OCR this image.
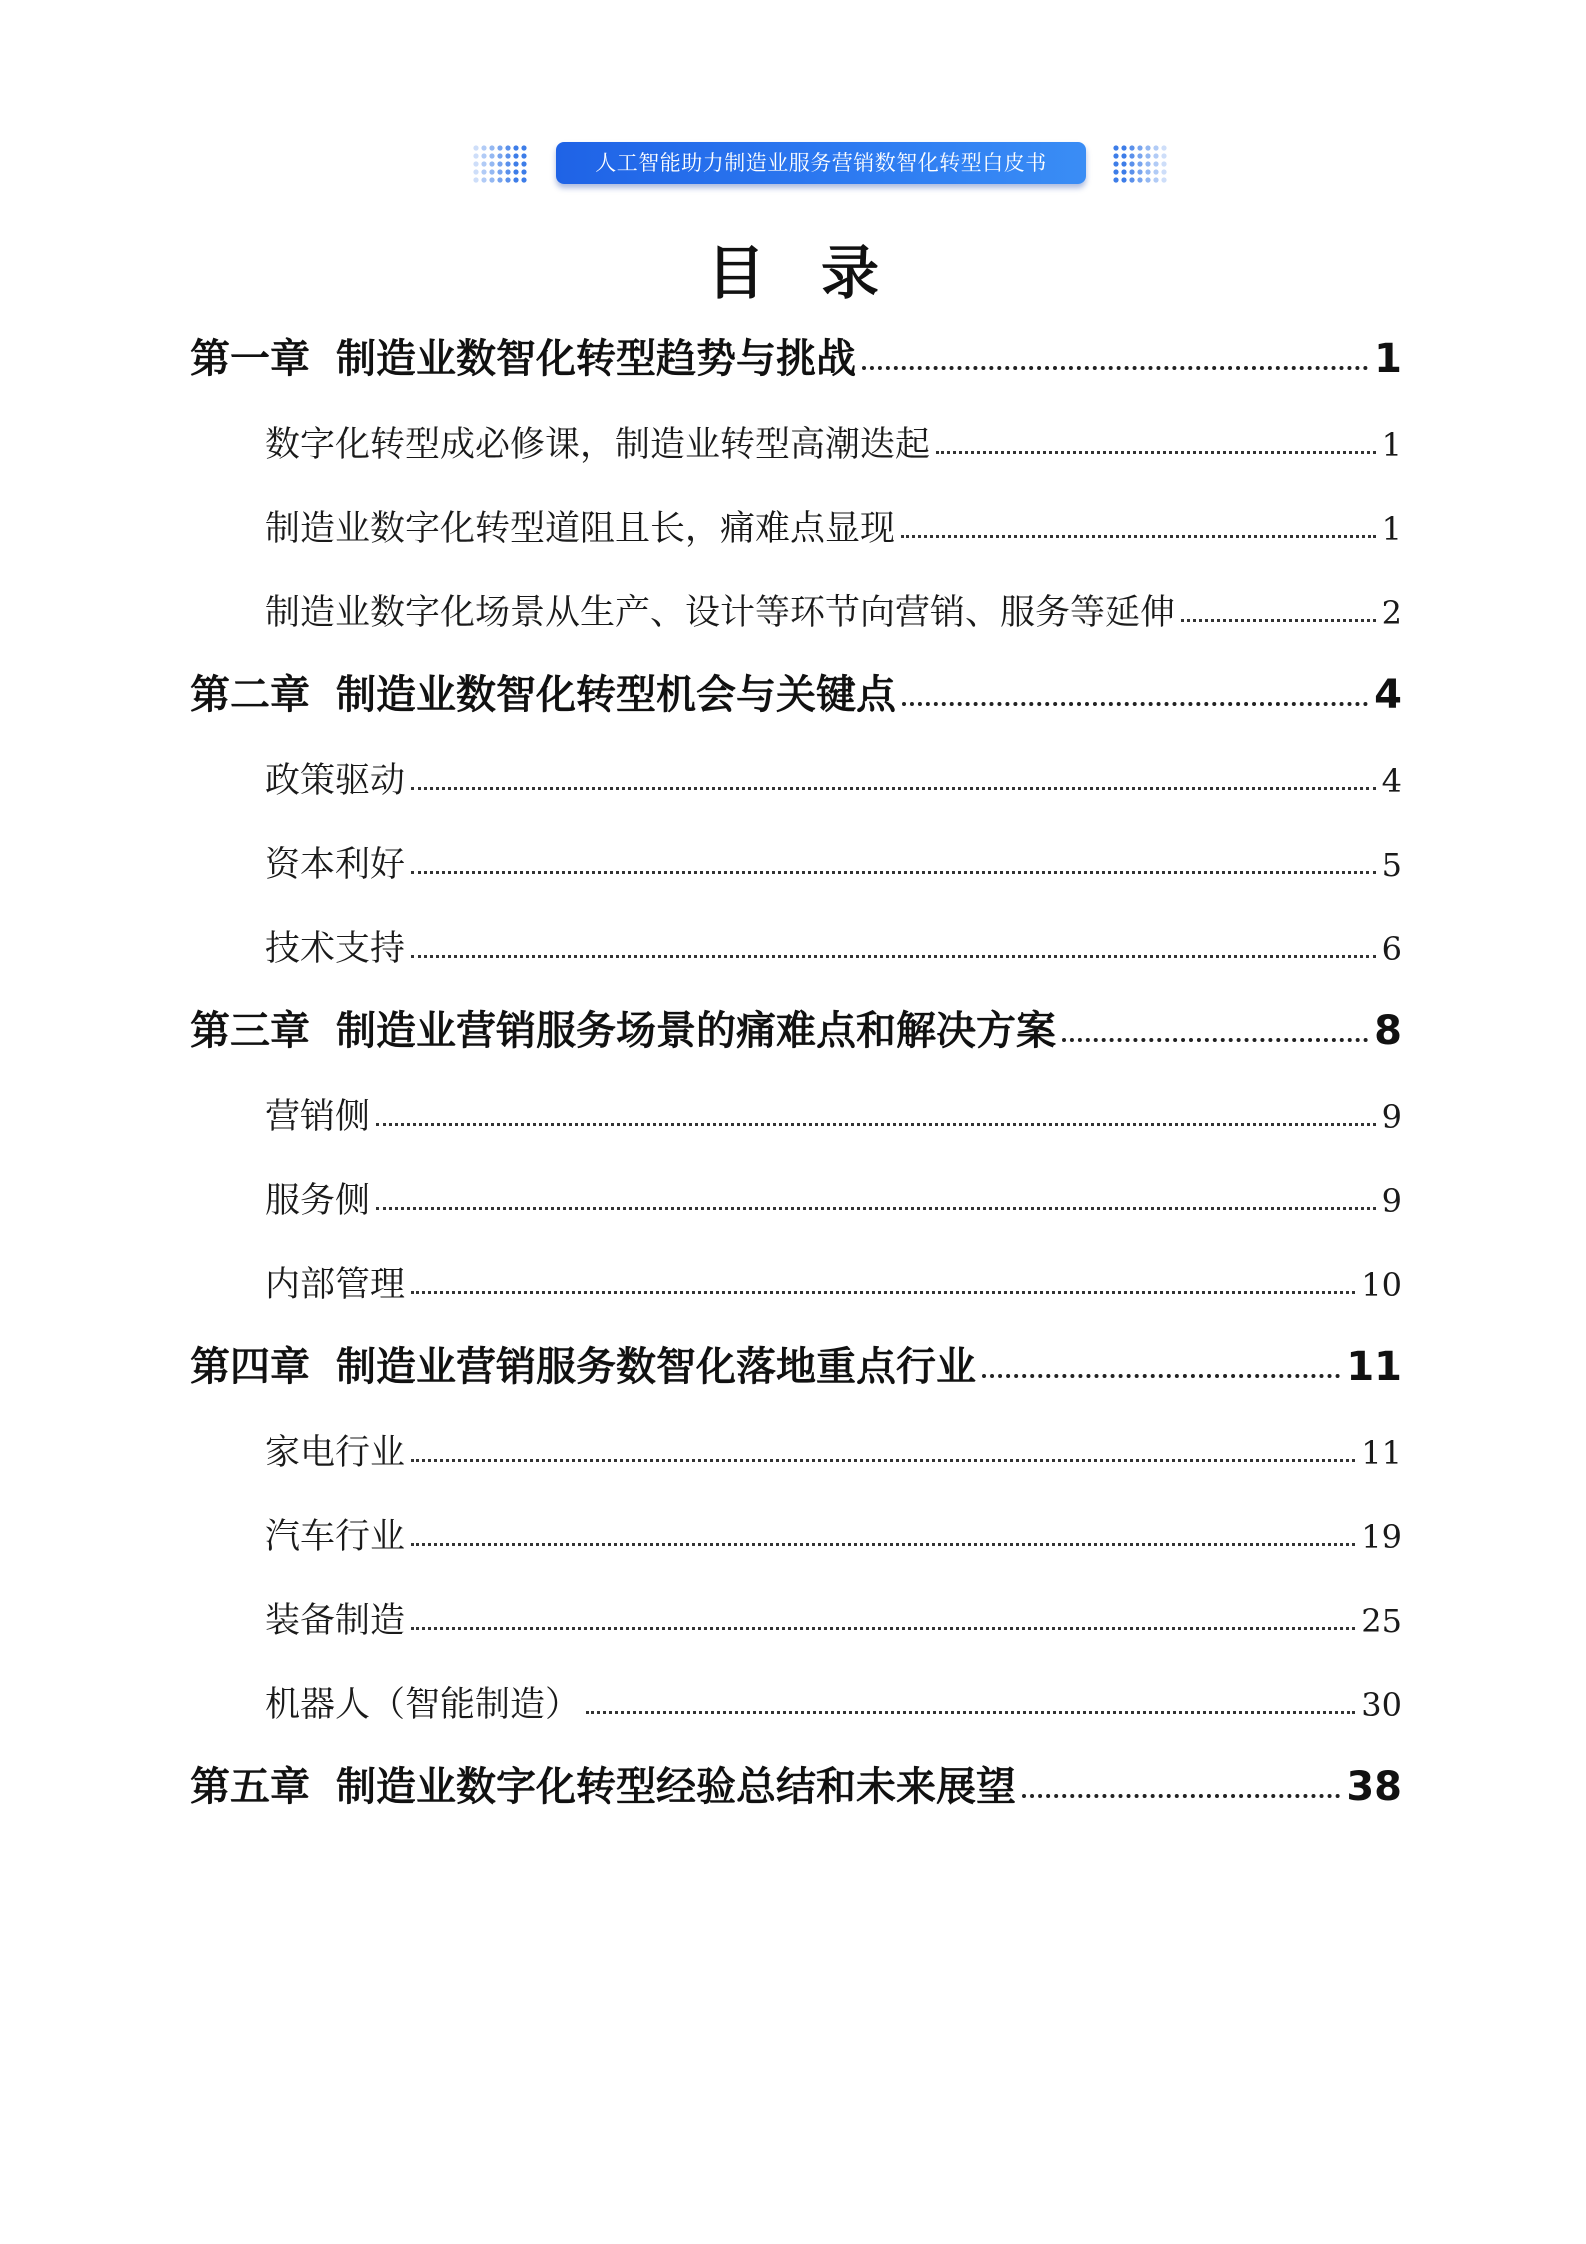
人工智能助力制造业服务营销数智化转型白皮书
目录
第一章 制造业数智化转型趋势与挑战	1
数字化转型成必修课，制造业转型高潮迭起	1
制造业数字化转型道阻且长，痛难点显现	1
制造业数字化场景从生产、设计等环节向营销、服务等延伸	2
第二章 制造业数智化转型机会与关键点	4
政策驱动	4
资本利好	5
技术支持	6
第三章 制造业营销服务场景的痛难点和解决方案	8
营销侧	9
服务侧	9
内部管理	10
第四章 制造业营销服务数智化落地重点行业	11
家电行业	11
汽车行业	19
装备制造	25
机器人（智能制造）	30
第五章 制造业数字化转型经验总结和未来展望	38
